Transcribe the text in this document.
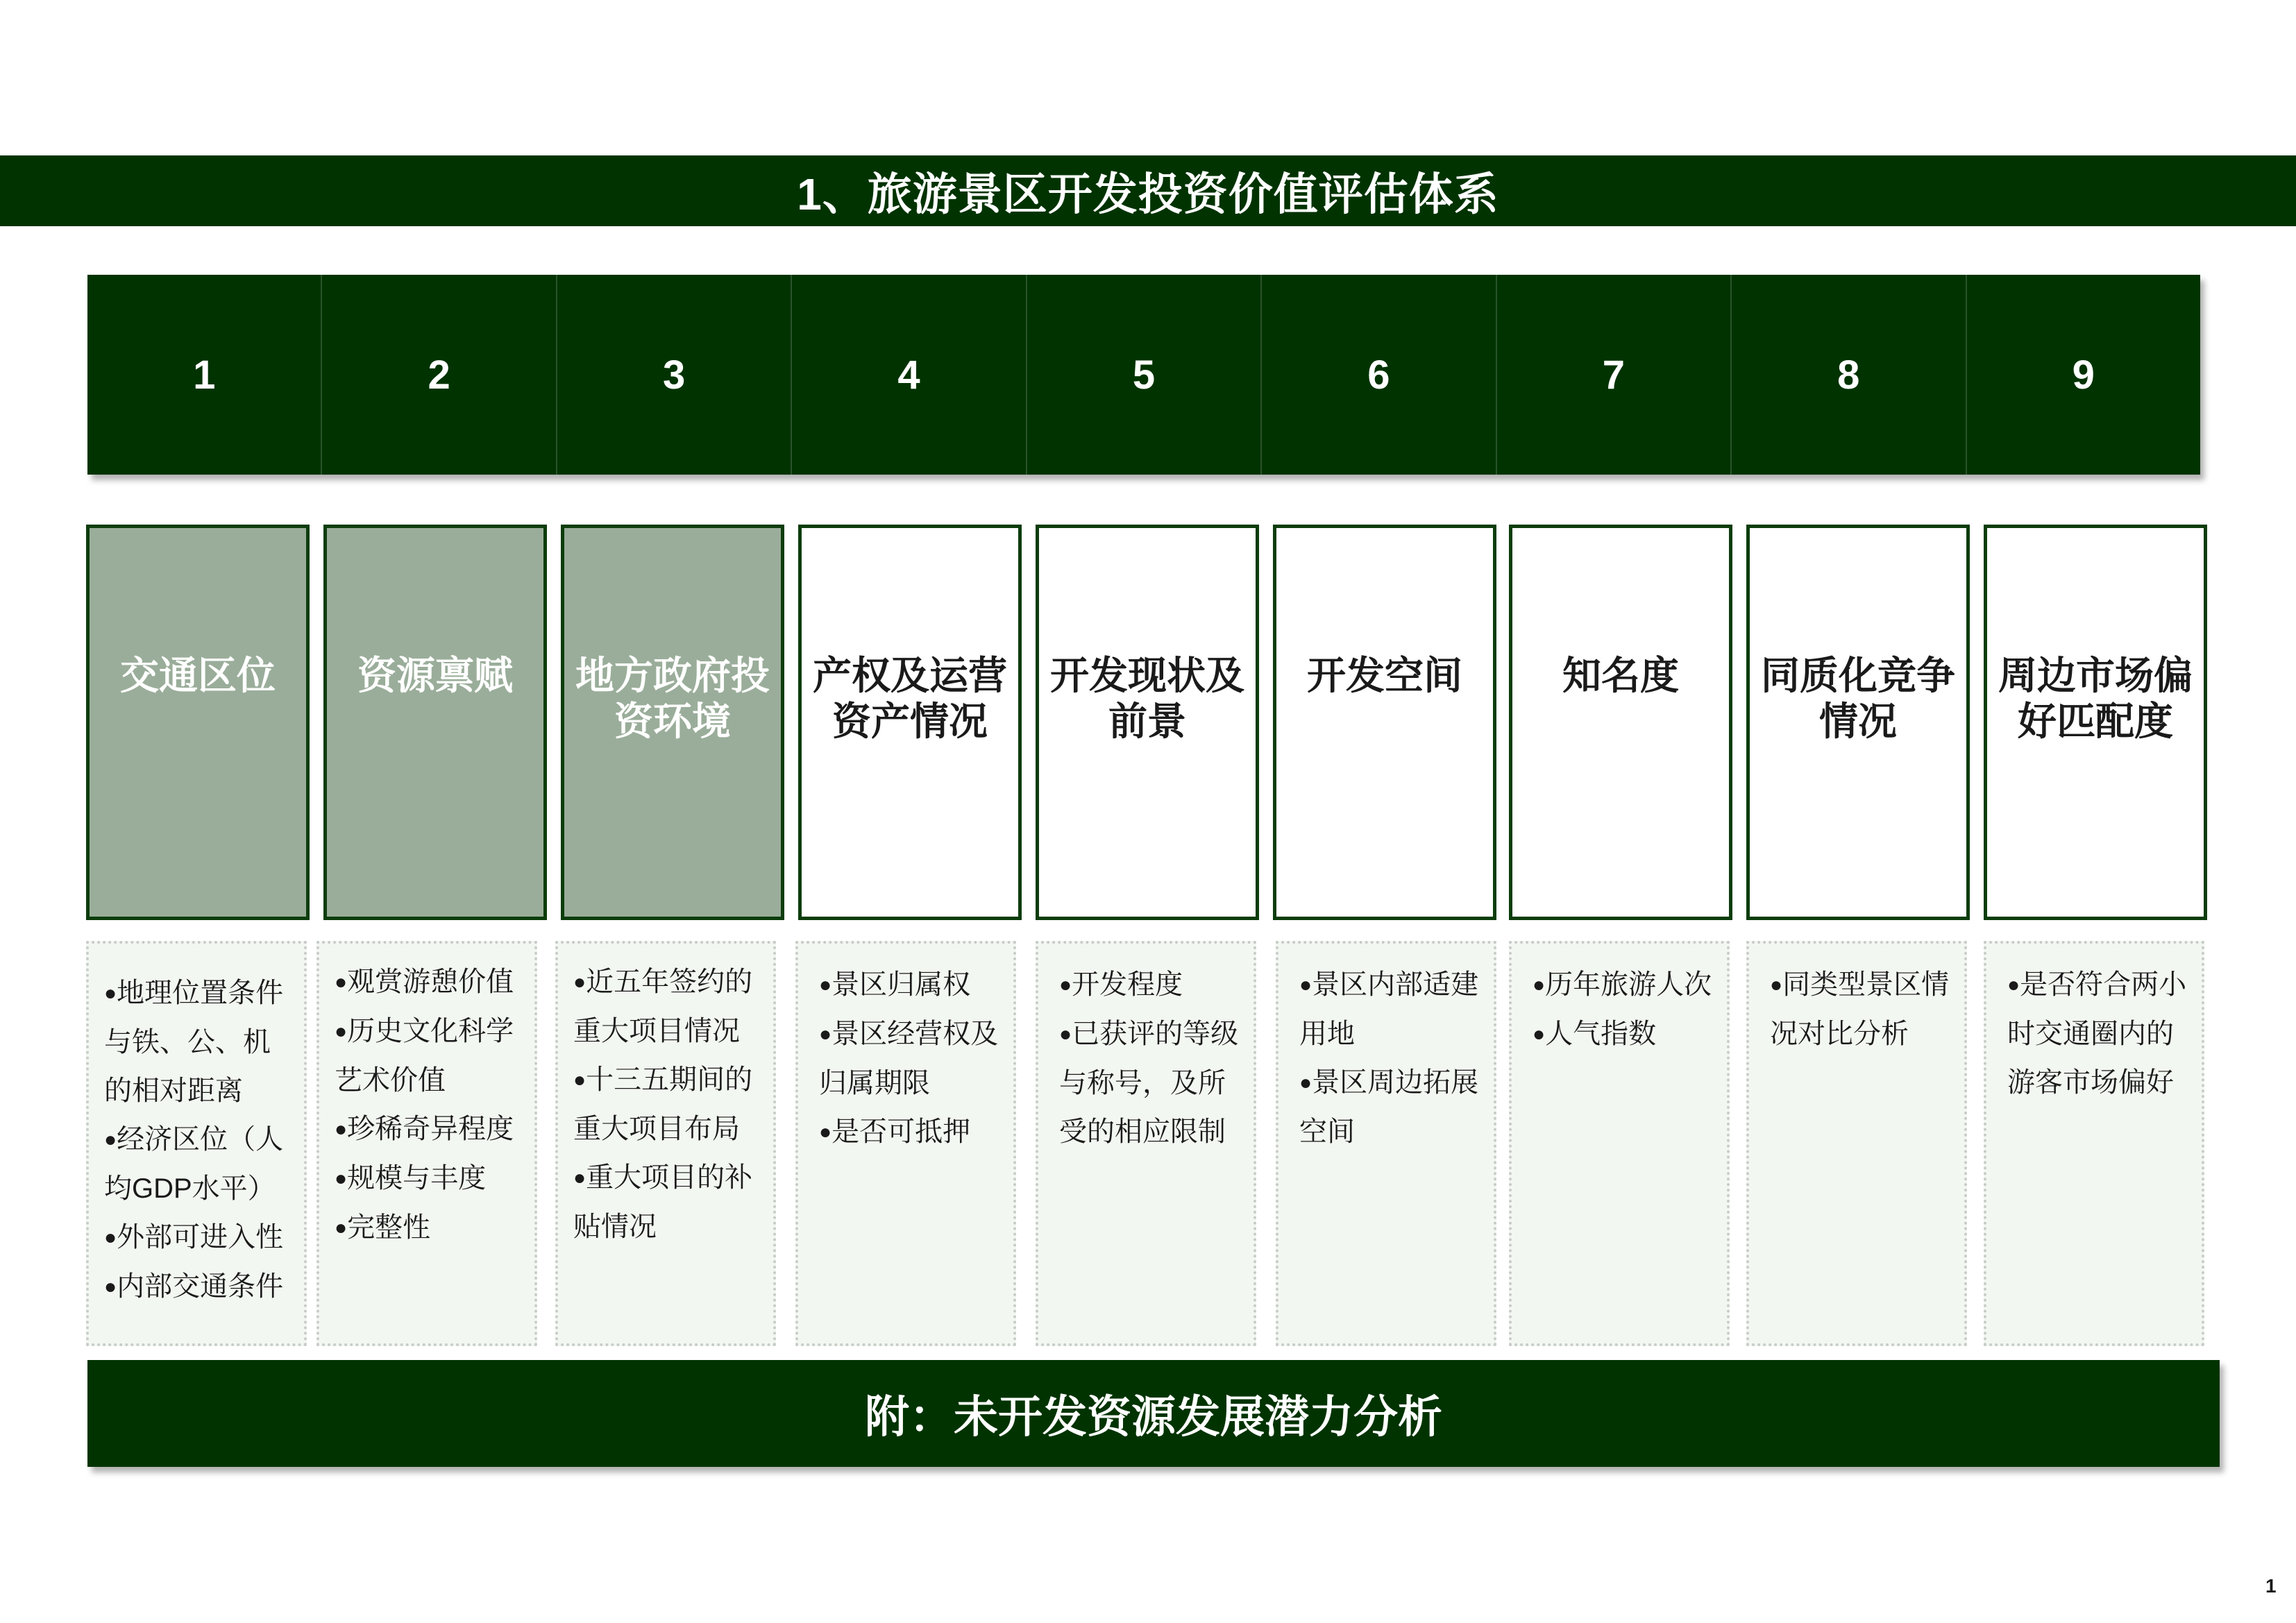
1、旅游景区开发投资价值评估体系
1	2	3	4	5	6	7	8	9
交通区位	资源禀赋	地方政府投资环境
产权及运营资产情况
开发现状及前景
开发空间	知名度	同质化竞争情况
周边市场偏好匹配度
●地理位置条件与铁、公、机的相对距离
●经济区位（人均GDP水平）
●外部可进入性
●内部交通条件
●观赏游憩价值
●历史文化科学艺术价值
●珍稀奇异程度
●规模与丰度
●完整性
●近五年签约的重大项目情况
●十三五期间的重大项目布局
●重大项目的补贴情况
●景区归属权
●景区经营权及归属期限
●是否可抵押
●开发程度
●已获评的等级与称号，及所受的相应限制
●景区内部适建用地
●景区周边拓展空间
●历年旅游人次
●人气指数
●同类型景区情况对比分析
●是否符合两小时交通圈内的游客市场偏好
附：未开发资源发展潜力分析
1
